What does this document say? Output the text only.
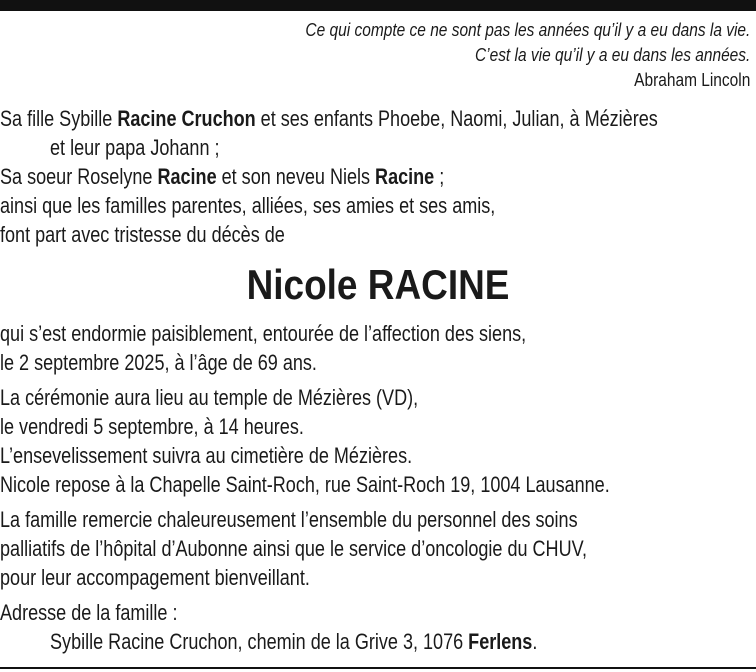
Ce qui compte ce ne sont pas les années qu’il y a eu dans la vie.
C’est la vie qu’il y a eu dans les années.
Abraham Lincoln
Sa fille Sybille Racine Cruchon et ses enfants Phoebe, Naomi, Julian, à Mézières
et leur papa Johann ;
Sa soeur Roselyne Racine et son neveu Niels Racine ;
ainsi que les familles parentes, alliées, ses amies et ses amis,
font part avec tristesse du décès de
Nicole RACINE
qui s’est endormie paisiblement, entourée de l’affection des siens,
le 2 septembre 2025, à l’âge de 69 ans.
La cérémonie aura lieu au temple de Mézières (VD),
le vendredi 5 septembre, à 14 heures.
L’ensevelissement suivra au cimetière de Mézières.
Nicole repose à la Chapelle Saint-Roch, rue Saint-Roch 19, 1004 Lausanne.
La famille remercie chaleureusement l’ensemble du personnel des soins
palliatifs de l’hôpital d’Aubonne ainsi que le service d’oncologie du CHUV,
pour leur accompagement bienveillant.
Adresse de la famille :
Sybille Racine Cruchon, chemin de la Grive 3, 1076 Ferlens.
